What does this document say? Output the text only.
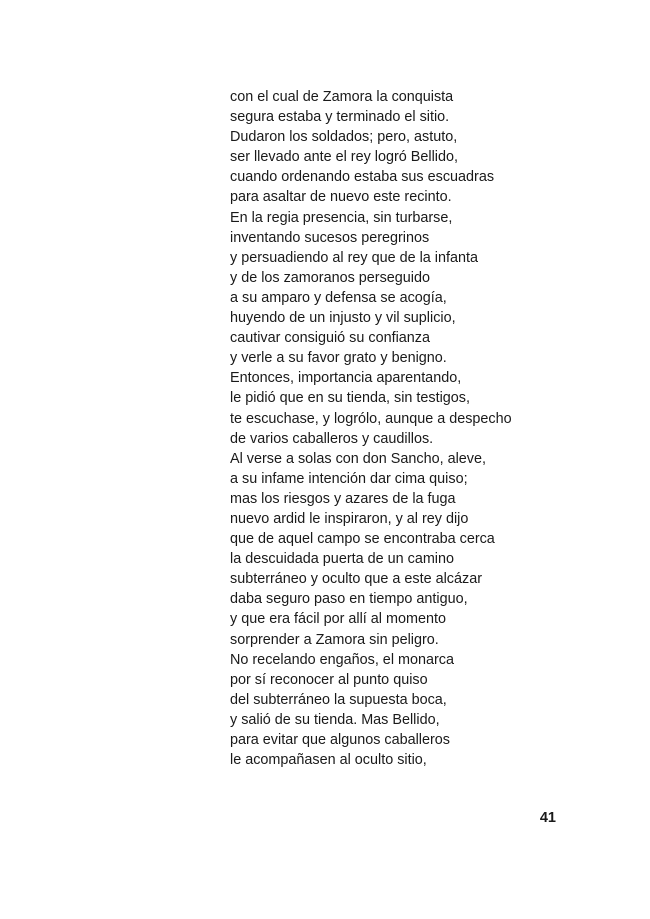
con el cual de Zamora la conquista
segura estaba y terminado el sitio.
Dudaron los soldados; pero, astuto,
ser llevado ante el rey logró Bellido,
cuando ordenando estaba sus escuadras
para asaltar de nuevo este recinto.
En la regia presencia, sin turbarse,
inventando sucesos peregrinos
y persuadiendo al rey que de la infanta
y de los zamoranos perseguido
a su amparo y defensa se acogía,
huyendo de un injusto y vil suplicio,
cautivar consiguió su confianza
y verle a su favor grato y benigno.
Entonces, importancia aparentando,
le pidió que en su tienda, sin testigos,
te escuchase, y logrólo, aunque a despecho
de varios caballeros y caudillos.
Al verse a solas con don Sancho, aleve,
a su infame intención dar cima quiso;
mas los riesgos y azares de la fuga
nuevo ardid le inspiraron, y al rey dijo
que de aquel campo se encontraba cerca
la descuidada puerta de un camino
subterráneo y oculto que a este alcázar
daba seguro paso en tiempo antiguo,
y que era fácil por allí al momento
sorprender a Zamora sin peligro.
No recelando engaños, el monarca
por sí reconocer al punto quiso
del subterráneo la supuesta boca,
y salió de su tienda. Mas Bellido,
para evitar que algunos caballeros
le acompañasen al oculto sitio,
41
